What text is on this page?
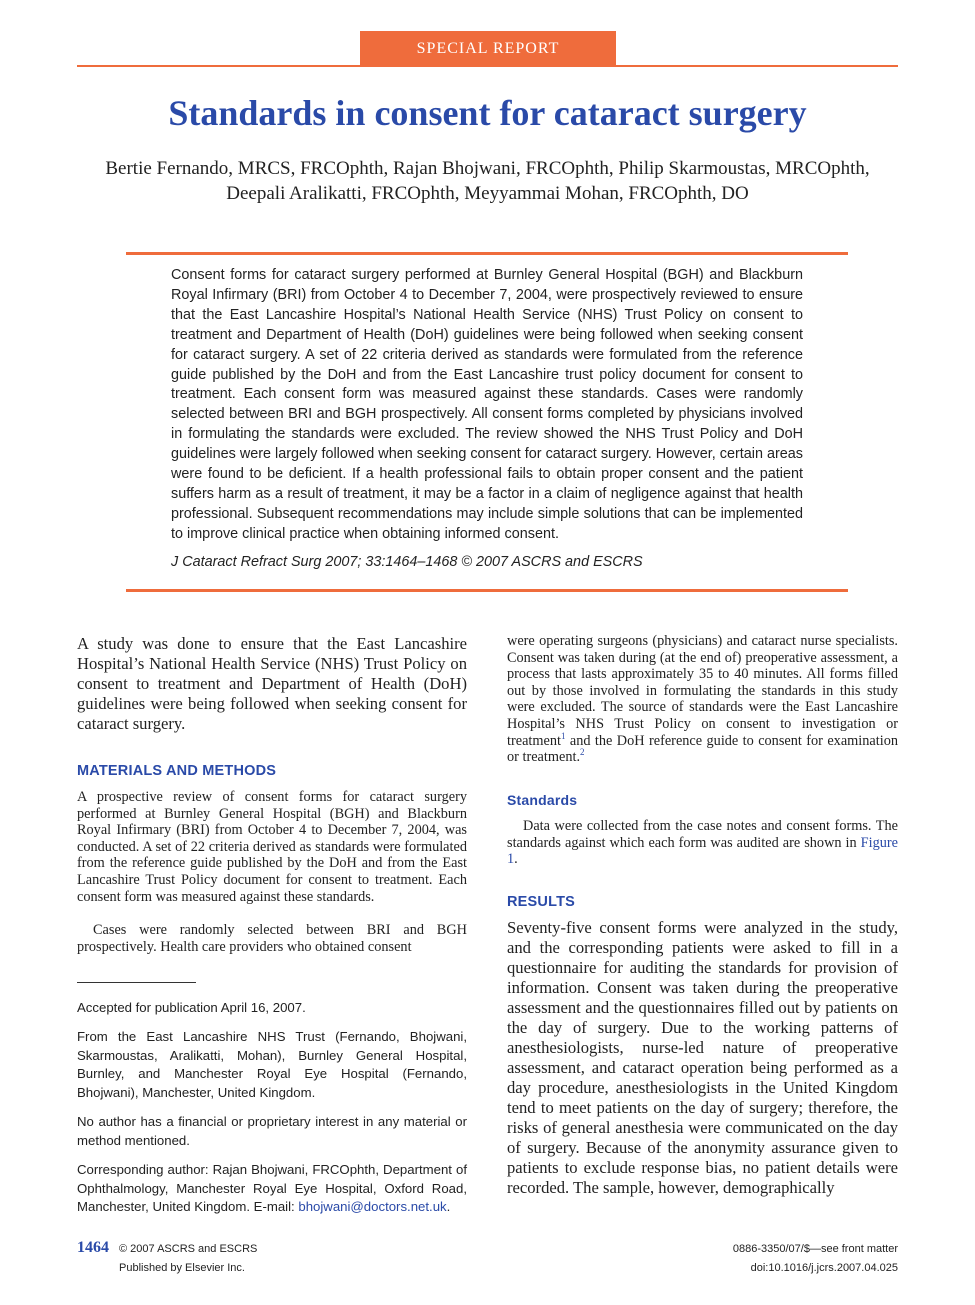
SPECIAL REPORT
Standards in consent for cataract surgery
Bertie Fernando, MRCS, FRCOphth, Rajan Bhojwani, FRCOphth, Philip Skarmoustas, MRCOphth,
Deepali Aralikatti, FRCOphth, Meyyammai Mohan, FRCOphth, DO

Consent forms for cataract surgery performed at Burnley General Hospital (BGH) and Blackburn Royal Infirmary (BRI) from October 4 to December 7, 2004, were prospectively reviewed to ensure that the East Lancashire Hospital’s National Health Service (NHS) Trust Policy on consent to treatment and Department of Health (DoH) guidelines were being followed when seeking consent for cataract surgery. A set of 22 criteria derived as standards were formulated from the reference guide published by the DoH and from the East Lancashire trust policy document for consent to treatment. Each consent form was measured against these standards. Cases were randomly selected between BRI and BGH prospectively. All consent forms completed by physicians involved in formulating the standards were excluded. The review showed the NHS Trust Policy and DoH guidelines were largely followed when seeking consent for cataract surgery. However, certain areas were found to be deficient. If a health professional fails to obtain proper consent and the patient suffers harm as a result of treatment, it may be a factor in a claim of negligence against that health professional. Subsequent recommendations may include simple solutions that can be implemented to improve clinical practice when obtaining informed consent.

J Cataract Refract Surg 2007; 33:1464–1468 © 2007 ASCRS and ESCRS

A study was done to ensure that the East Lancashire Hospital’s National Health Service (NHS) Trust Policy on consent to treatment and Department of Health (DoH) guidelines were being followed when seeking consent for cataract surgery.

MATERIALS AND METHODS

A prospective review of consent forms for cataract surgery performed at Burnley General Hospital (BGH) and Blackburn Royal Infirmary (BRI) from October 4 to December 7, 2004, was conducted. A set of 22 criteria derived as standards were formulated from the reference guide published by the DoH and from the East Lancashire Trust Policy document for consent to treatment. Each consent form was measured against these standards.

Cases were randomly selected between BRI and BGH prospectively. Health care providers who obtained consent

Accepted for publication April 16, 2007.

From the East Lancashire NHS Trust (Fernando, Bhojwani, Skarmoustas, Aralikatti, Mohan), Burnley General Hospital, Burnley, and Manchester Royal Eye Hospital (Fernando, Bhojwani), Manchester, United Kingdom.

No author has a financial or proprietary interest in any material or method mentioned.

Corresponding author: Rajan Bhojwani, FRCOphth, Department of Ophthalmology, Manchester Royal Eye Hospital, Oxford Road, Manchester, United Kingdom. E-mail: bhojwani@doctors.net.uk.

were operating surgeons (physicians) and cataract nurse specialists. Consent was taken during (at the end of) preoperative assessment, a process that lasts approximately 35 to 40 minutes. All forms filled out by those involved in formulating the standards in this study were excluded. The source of standards were the East Lancashire Hospital’s NHS Trust Policy on consent to investigation or treatment$^1$ and the DoH reference guide to consent for examination or treatment.$^2$

Standards

Data were collected from the case notes and consent forms. The standards against which each form was audited are shown in Figure 1.

RESULTS

Seventy-five consent forms were analyzed in the study, and the corresponding patients were asked to fill in a questionnaire for auditing the standards for provision of information. Consent was taken during the preoperative assessment and the questionnaires filled out by patients on the day of surgery. Due to the working patterns of anesthesiologists, nurse-led nature of preoperative assessment, and cataract operation being performed as a day procedure, anesthesiologists in the United Kingdom tend to meet patients on the day of surgery; therefore, the risks of general anesthesia were communicated on the day of surgery. Because of the anonymity assurance given to patients to exclude response bias, no patient details were recorded. The sample, however, demographically

1464 © 2007 ASCRS and ESCRS
Published by Elsevier Inc.
0886-3350/07/$—see front matter
doi:10.1016/j.jcrs.2007.04.025
